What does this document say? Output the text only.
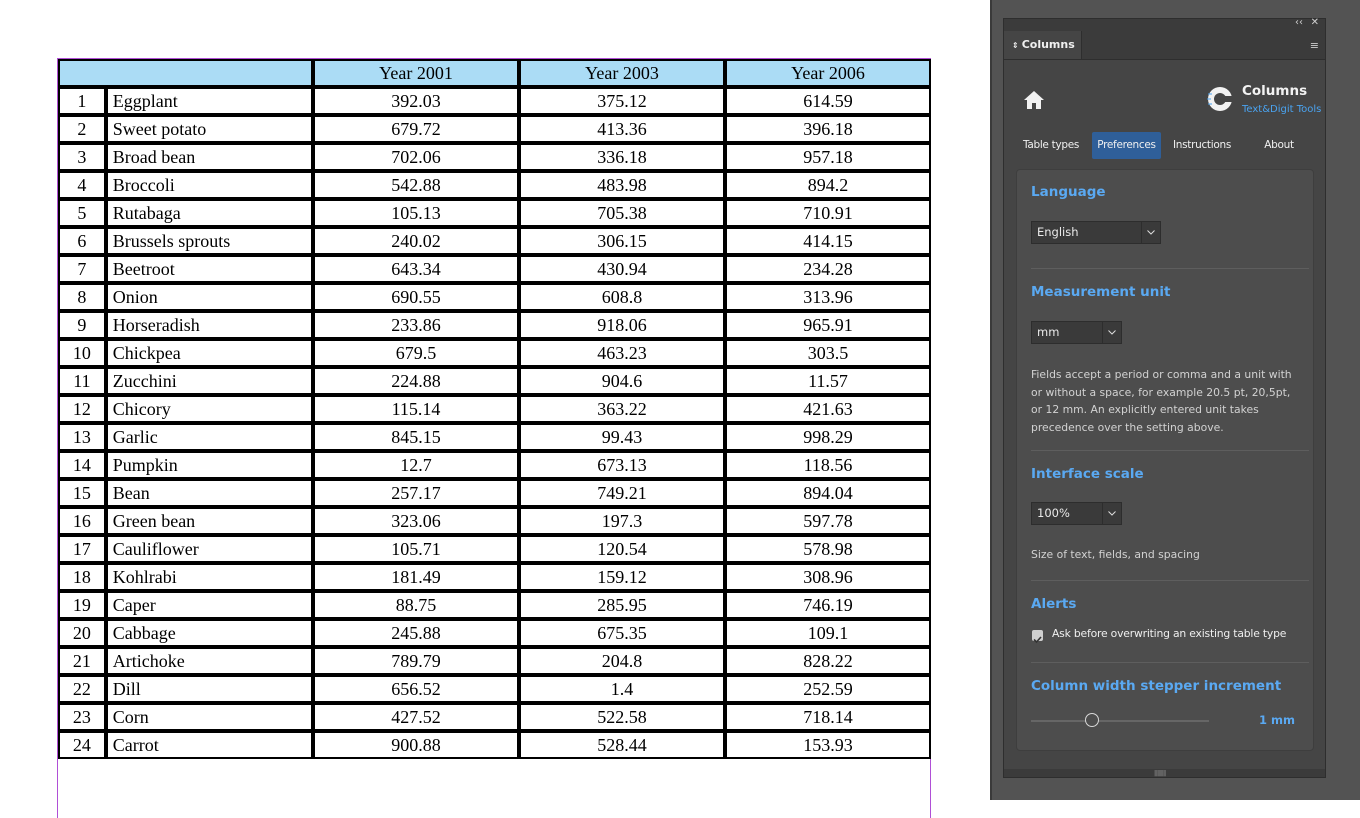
		Year 2001	Year 2003	Year 2006
1	Eggplant	392.03	375.12	614.59
2	Sweet potato	679.72	413.36	396.18
3	Broad bean	702.06	336.18	957.18
4	Broccoli	542.88	483.98	894.2
5	Rutabaga	105.13	705.38	710.91
6	Brussels sprouts	240.02	306.15	414.15
7	Beetroot	643.34	430.94	234.28
8	Onion	690.55	608.8	313.96
9	Horseradish	233.86	918.06	965.91
10	Chickpea	679.5	463.23	303.5
11	Zucchini	224.88	904.6	11.57
12	Chicory	115.14	363.22	421.63
13	Garlic	845.15	99.43	998.29
14	Pumpkin	12.7	673.13	118.56
15	Bean	257.17	749.21	894.04
16	Green bean	323.06	197.3	597.78
17	Cauliflower	105.71	120.54	578.98
18	Kohlrabi	181.49	159.12	308.96
19	Caper	88.75	285.95	746.19
20	Cabbage	245.88	675.35	109.1
21	Artichoke	789.79	204.8	828.22
22	Dill	656.52	1.4	252.59
23	Corn	427.52	522.58	718.14
24	Carrot	900.88	528.44	153.93
‹‹ ✕
⇕ Columns	≡
Columns
Text&Digit Tools
Table types	Preferences	Instructions	About
Language
English
Measurement unit
mm
Fields accept a period or comma and a unit with
or without a space, for example 20.5 pt, 20,5pt,
or 12 mm. An explicitly entered unit takes
precedence over the setting above.
Interface scale
100%
Size of text, fields, and spacing
Alerts
Ask before overwriting an existing table type
Column width stepper increment
1 mm
|||||||||||
